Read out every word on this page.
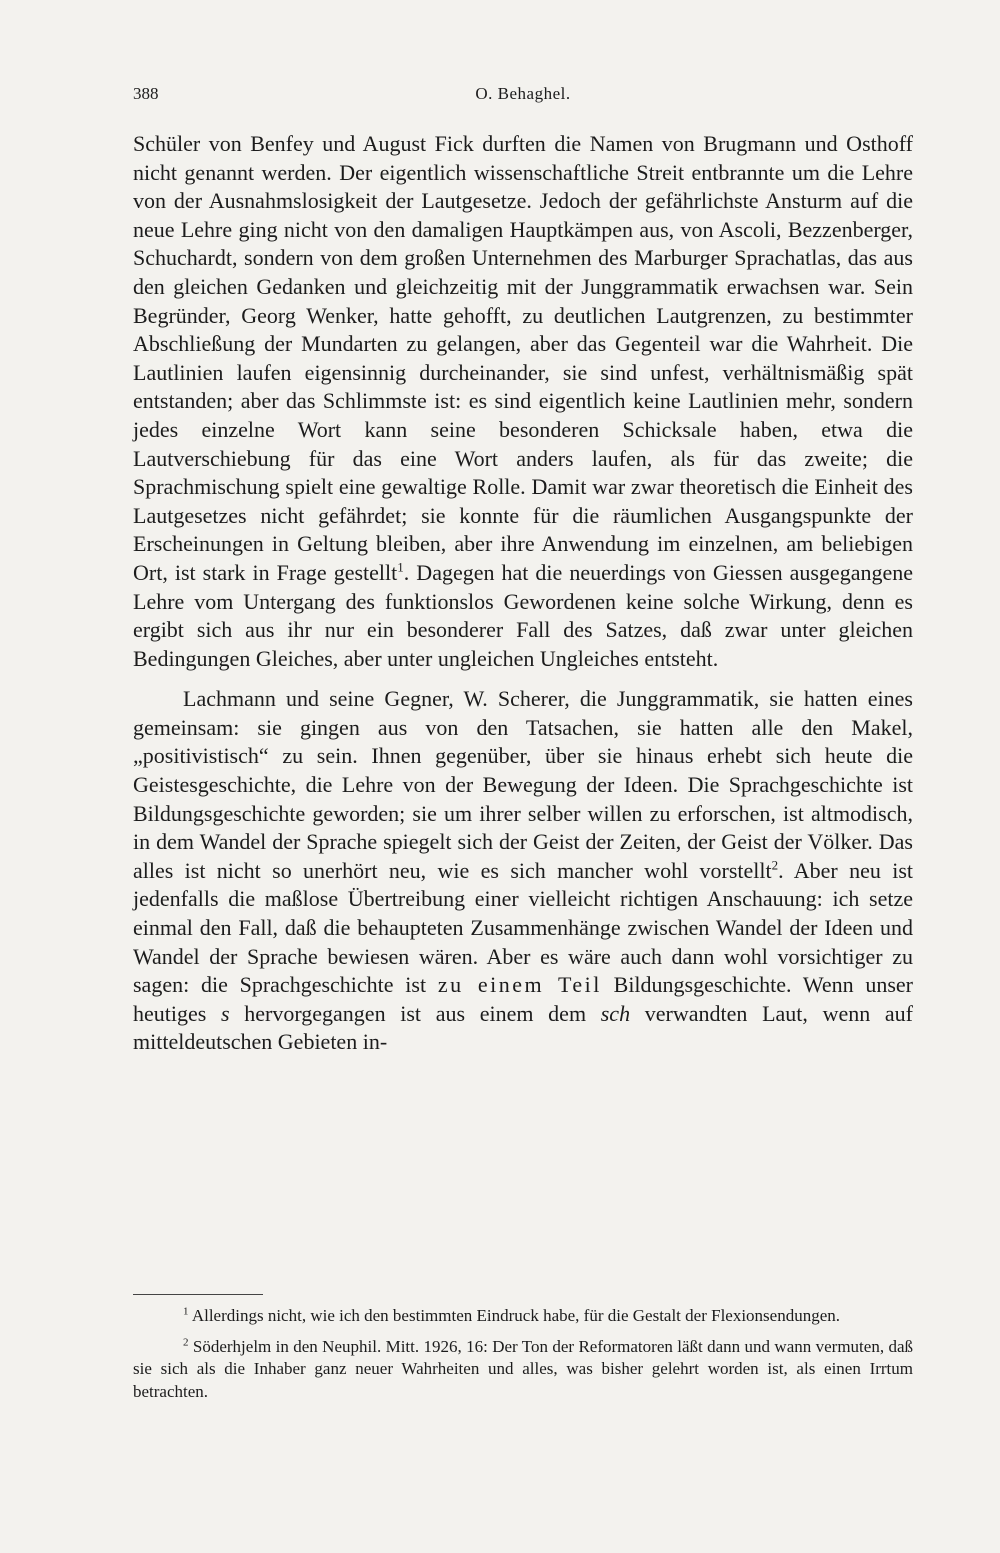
388	O. Behaghel.

Schüler von Benfey und August Fick durften die Namen von Brugmann und Osthoff nicht genannt werden. Der eigentlich wissenschaftliche Streit entbrannte um die Lehre von der Ausnahmslosigkeit der Lautgesetze. Jedoch der gefährlichste Ansturm auf die neue Lehre ging nicht von den damaligen Hauptkämpen aus, von Ascoli, Bezzenberger, Schuchardt, sondern von dem großen Unternehmen des Marburger Sprachatlas, das aus den gleichen Gedanken und gleichzeitig mit der Junggrammatik erwachsen war. Sein Begründer, Georg Wenker, hatte gehofft, zu deutlichen Lautgrenzen, zu bestimmter Abschließung der Mundarten zu gelangen, aber das Gegenteil war die Wahrheit. Die Lautlinien laufen eigensinnig durcheinander, sie sind unfest, verhältnismäßig spät entstanden; aber das Schlimmste ist: es sind eigentlich keine Lautlinien mehr, sondern jedes einzelne Wort kann seine besonderen Schicksale haben, etwa die Lautverschiebung für das eine Wort anders laufen, als für das zweite; die Sprachmischung spielt eine gewaltige Rolle. Damit war zwar theoretisch die Einheit des Lautgesetzes nicht gefährdet; sie konnte für die räumlichen Ausgangspunkte der Erscheinungen in Geltung bleiben, aber ihre Anwendung im einzelnen, am beliebigen Ort, ist stark in Frage gestellt$^1$. Dagegen hat die neuerdings von Giessen ausgegangene Lehre vom Untergang des funktionslos Gewordenen keine solche Wirkung, denn es ergibt sich aus ihr nur ein besonderer Fall des Satzes, daß zwar unter gleichen Bedingungen Gleiches, aber unter ungleichen Ungleiches entsteht.

Lachmann und seine Gegner, W. Scherer, die Junggrammatik, sie hatten eines gemeinsam: sie gingen aus von den Tatsachen, sie hatten alle den Makel, „positivistisch“ zu sein. Ihnen gegenüber, über sie hinaus erhebt sich heute die Geistesgeschichte, die Lehre von der Bewegung der Ideen. Die Sprachgeschichte ist Bildungsgeschichte geworden; sie um ihrer selber willen zu erforschen, ist altmodisch, in dem Wandel der Sprache spiegelt sich der Geist der Zeiten, der Geist der Völker. Das alles ist nicht so unerhört neu, wie es sich mancher wohl vorstellt$^2$. Aber neu ist jedenfalls die maßlose Übertreibung einer vielleicht richtigen Anschauung: ich setze einmal den Fall, daß die behaupteten Zusammenhänge zwischen Wandel der Ideen und Wandel der Sprache bewiesen wären. Aber es wäre auch dann wohl vorsichtiger zu sagen: die Sprachgeschichte ist zu einem Teil Bildungsgeschichte. Wenn unser heutiges s hervorgegangen ist aus einem dem sch verwandten Laut, wenn auf mitteldeutschen Gebieten in-

$^1$ Allerdings nicht, wie ich den bestimmten Eindruck habe, für die Gestalt der Flexionsendungen.

$^2$ Söderhjelm in den Neuphil. Mitt. 1926, 16: Der Ton der Reformatoren läßt dann und wann vermuten, daß sie sich als die Inhaber ganz neuer Wahrheiten und alles, was bisher gelehrt worden ist, als einen Irrtum betrachten.
